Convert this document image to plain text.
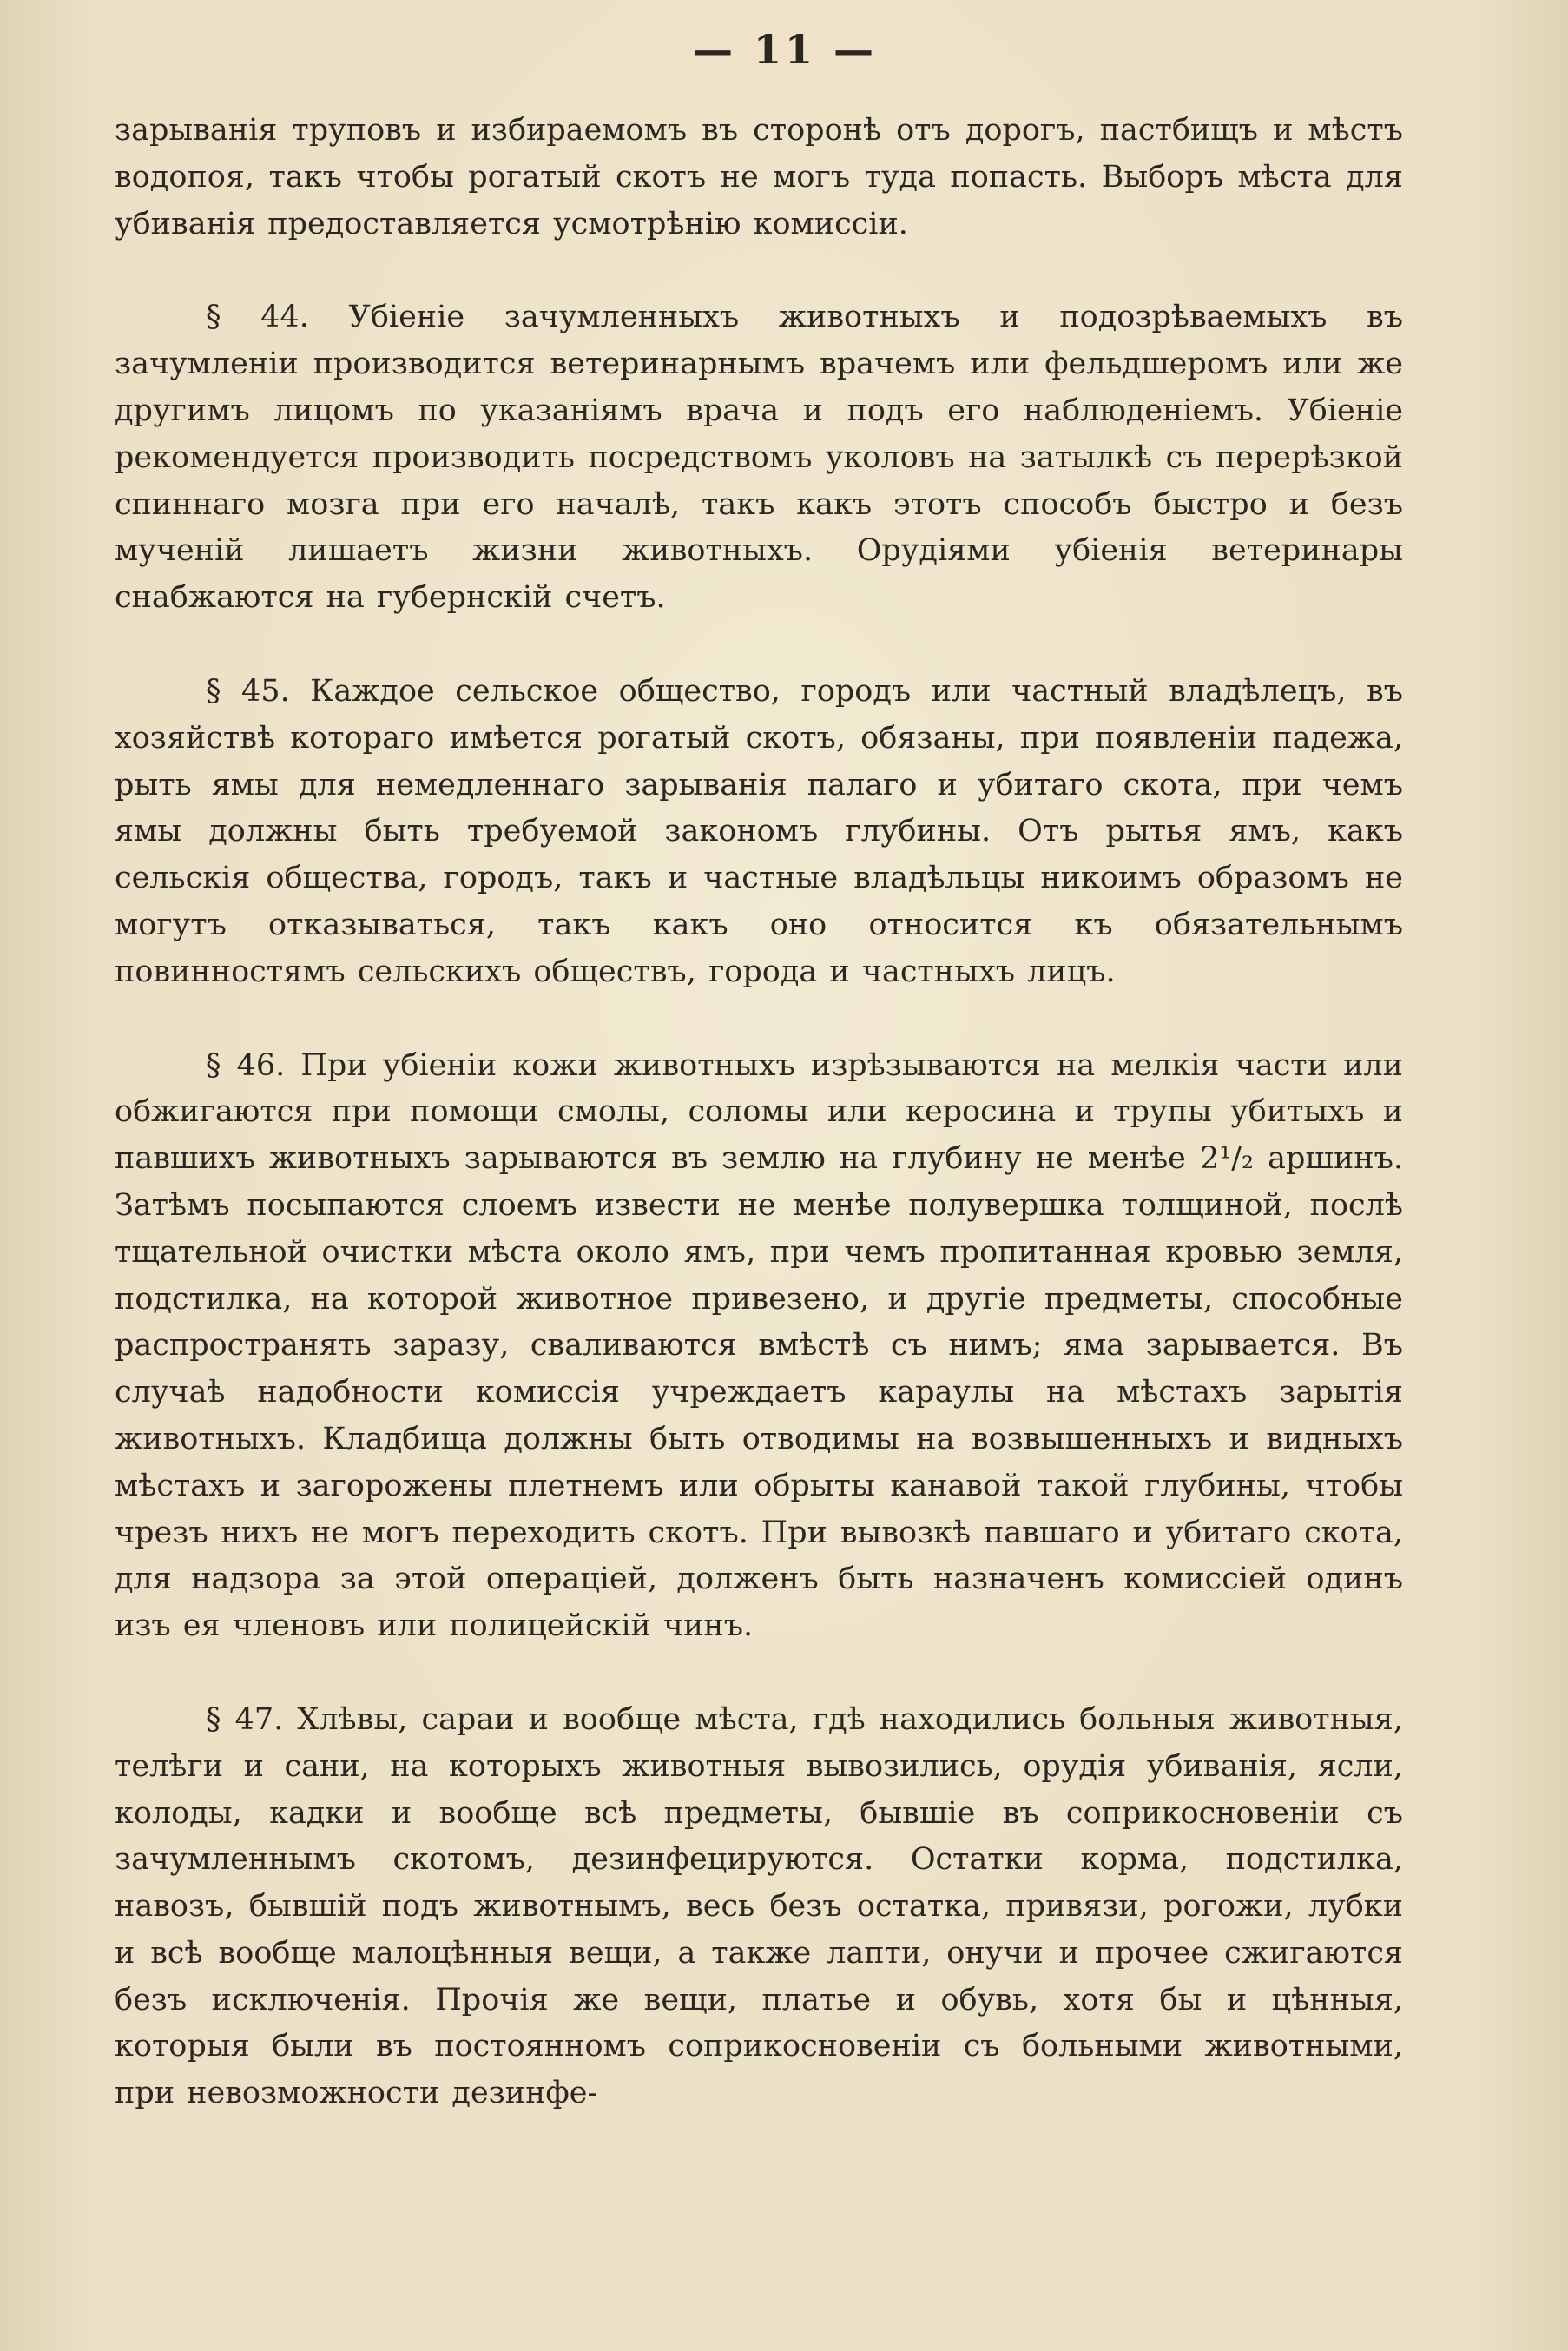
— 11 —

зарыванія труповъ и избираемомъ въ сторонѣ отъ дорогъ, пастбищъ и мѣстъ водопоя, такъ чтобы рогатый скотъ не могъ туда попасть. Выборъ мѣста для убиванія предоставляется усмотрѣнію комиссіи.

§ 44. Убіеніе зачумленныхъ животныхъ и подозрѣваемыхъ въ зачумленіи производится ветеринарнымъ врачемъ или фельдшеромъ или же другимъ лицомъ по указаніямъ врача и подъ его наблюденіемъ. Убіеніе рекомендуется производить посредствомъ уколовъ на затылкѣ съ перерѣзкой спиннаго мозга при его началѣ, такъ какъ этотъ способъ быстро и безъ мученій лишаетъ жизни животныхъ. Орудіями убіенія ветеринары снабжаются на губернскій счетъ.

§ 45. Каждое сельское общество, городъ или частный владѣлецъ, въ хозяйствѣ котораго имѣется рогатый скотъ, обязаны, при появленіи падежа, рыть ямы для немедленнаго зарыванія палаго и убитаго скота, при чемъ ямы должны быть требуемой закономъ глубины. Отъ рытья ямъ, какъ сельскія общества, городъ, такъ и частные владѣльцы никоимъ образомъ не могутъ отказываться, такъ какъ оно относится къ обязательнымъ повинностямъ сельскихъ обществъ, города и частныхъ лицъ.

§ 46. При убіеніи кожи животныхъ изрѣзываются на мелкія части или обжигаются при помощи смолы, соломы или керосина и трупы убитыхъ и павшихъ животныхъ зарываются въ землю на глубину не менѣе 2¹/₂ аршинъ. Затѣмъ посыпаются слоемъ извести не менѣе полувершка толщиной, послѣ тщательной очистки мѣста около ямъ, при чемъ пропитанная кровью земля, подстилка, на которой животное привезено, и другіе предметы, способные распространять заразу, сваливаются вмѣстѣ съ нимъ; яма зарывается. Въ случаѣ надобности комиссія учреждаетъ караулы на мѣстахъ зарытія животныхъ. Кладбища должны быть отводимы на возвышенныхъ и видныхъ мѣстахъ и загорожены плетнемъ или обрыты канавой такой глубины, чтобы чрезъ нихъ не могъ переходить скотъ. При вывозкѣ павшаго и убитаго скота, для надзора за этой операціей, долженъ быть назначенъ комиссіей одинъ изъ ея членовъ или полицейскій чинъ.

§ 47. Хлѣвы, сараи и вообще мѣста, гдѣ находились больныя животныя, телѣги и сани, на которыхъ животныя вывозились, орудія убиванія, ясли, колоды, кадки и вообще всѣ предметы, бывшіе въ соприкосновеніи съ зачумленнымъ скотомъ, дезинфецируются. Остатки корма, подстилка, навозъ, бывшій подъ животнымъ, весь безъ остатка, привязи, рогожи, лубки и всѣ вообще малоцѣнныя вещи, а также лапти, онучи и прочее сжигаются безъ исключенія. Прочія же вещи, платье и обувь, хотя бы и цѣнныя, которыя были въ постоянномъ соприкосновеніи съ больными животными, при невозможности дезинфе-
